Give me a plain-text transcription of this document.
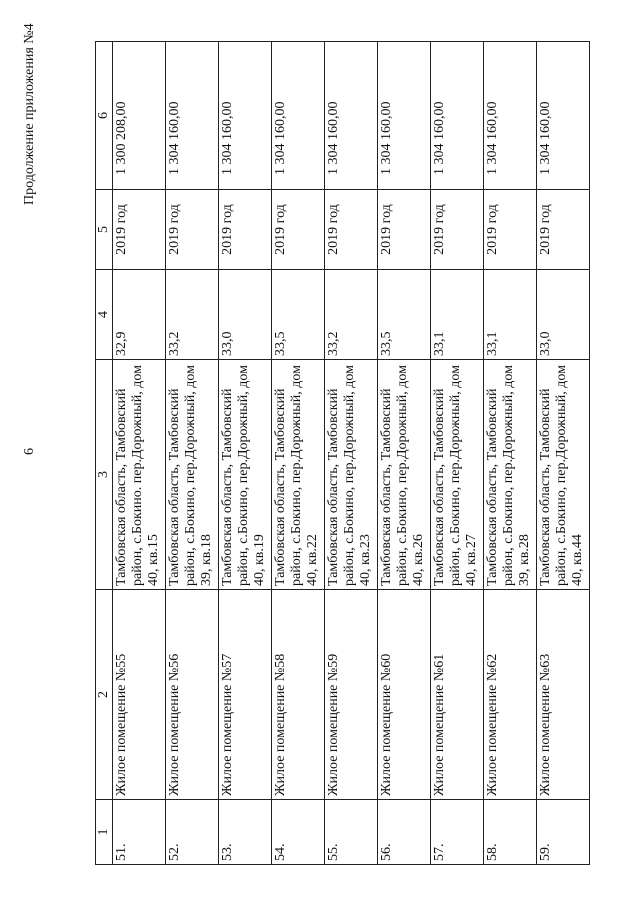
6
Продолжение приложения №4
1	2	3	4	5	6
51.	Жилое помещение №55	Тамбовская область, Тамбовский район, с.Бокино. пер.Дорожный, дом 40, кв.15	32,9	2019 год	1 300 208,00
52.	Жилое помещение №56	Тамбовская область, Тамбовский район, с.Бокино, пер.Дорожный, дом 39, кв.18	33,2	2019 год	1 304 160,00
53.	Жилое помещение №57	Тамбовская область, Тамбовский район, с.Бокино, пер.Дорожный, дом 40, кв.19	33,0	2019 год	1 304 160,00
54.	Жилое помещение №58	Тамбовская область, Тамбовский район, с.Бокино, пер.Дорожный, дом 40, кв.22	33,5	2019 год	1 304 160,00
55.	Жилое помещение №59	Тамбовская область, Тамбовский район, с.Бокино, пер.Дорожный, дом 40, кв.23	33,2	2019 год	1 304 160,00
56.	Жилое помещение №60	Тамбовская область, Тамбовский район, с.Бокино, пер.Дорожный, дом 40, кв.26	33,5	2019 год	1 304 160,00
57.	Жилое помещение №61	Тамбовская область, Тамбовский район, с.Бокино, пер.Дорожный, дом 40, кв.27	33,1	2019 год	1 304 160,00
58.	Жилое помещение №62	Тамбовская область, Тамбовский район, с.Бокино, пер.Дорожный, дом 39, кв.28	33,1	2019 год	1 304 160,00
59.	Жилое помещение №63	Тамбовская область, Тамбовский район, с.Бокино, пер.Дорожный, дом 40, кв.44	33,0	2019 год	1 304 160,00
